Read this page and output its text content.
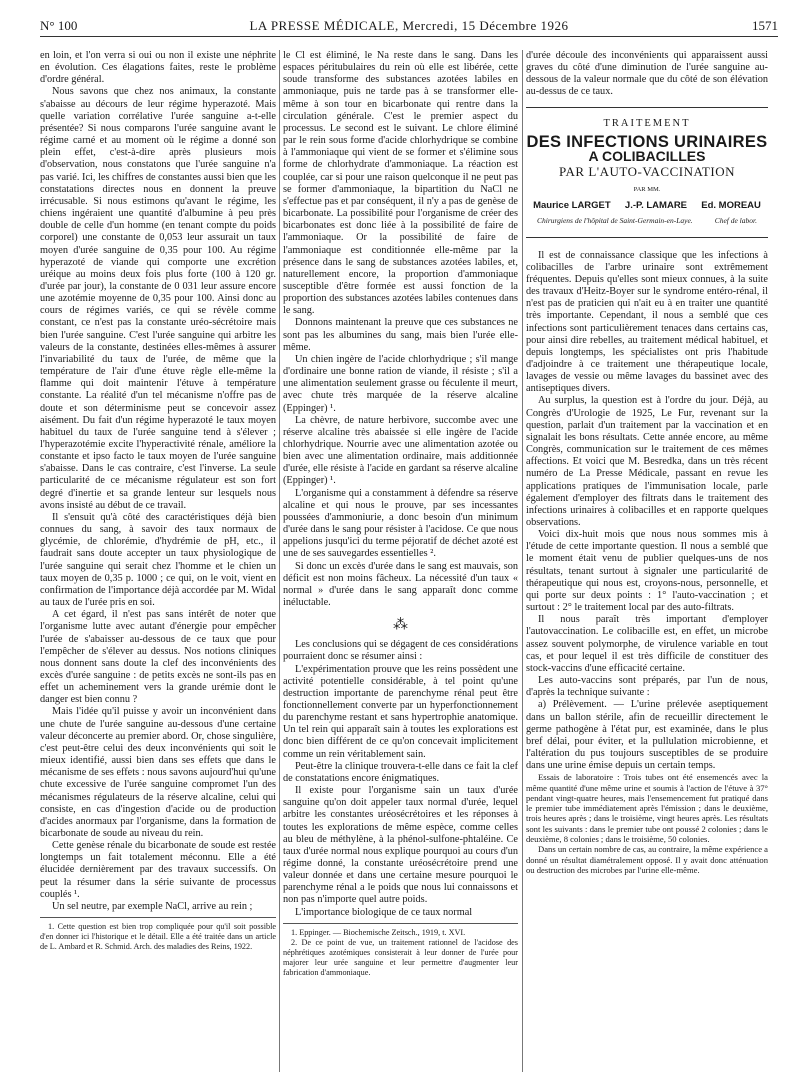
N° 100	LA PRESSE MÉDICALE, Mercredi, 15 Décembre 1926	1571

en loin, et l'on verra si oui ou non il existe une néphrite en évolution. Ces élagations faites, reste le problème d'ordre général.

Nous savons que chez nos animaux, la constante s'abaisse au décours de leur régime hyperazoté. Mais quelle variation corrélative l'urée sanguine a-t-elle présentée? Si nous comparons l'urée sanguine avant le régime carné et au moment où le régime a donné son plein effet, c'est-à-dire après plusieurs mois d'observation, nous constatons que l'urée sanguine n'a pas varié. Ici, les chiffres de constantes aussi bien que les constatations directes nous en donnent la preuve irrécusable. Si nous estimons qu'avant le régime, les chiens ingéraient une quantité d'albumine à peu près double de celle d'un homme (en tenant compte du poids corporel) une constante de 0,053 leur assurait un taux moyen d'urée sanguine de 0,35 pour 100. Au régime hyperazoté de viande qui comporte une excrétion uréique au moins deux fois plus forte (100 à 120 gr. d'urée par jour), la constante de 0 031 leur assure encore une azotémie moyenne de 0,35 pour 100. Ainsi donc au cours de régimes variés, ce qui se révèle comme constant, ce n'est pas la constante uréo-sécrétoire mais bien l'urée sanguine. C'est l'urée sanguine qui arbitre les valeurs de la constante, destinées elles-mêmes à assurer l'invariabilité du taux de l'urée, de même que la température de l'air d'une étuve règle elle-même la flamme qui doit maintenir l'étuve à température constante. La réalité d'un tel mécanisme n'offre pas de doute et son déterminisme peut se concevoir assez aisément. Du fait d'un régime hyperazoté le taux moyen habituel du taux de l'urée sanguine tend à s'élever ; l'hyperazotémie excite l'hyperactivité rénale, améliore la constante et ipso facto le taux moyen de l'urée sanguine s'abaisse. Dans le cas contraire, c'est l'inverse. La seule particularité de ce mécanisme régulateur est son fort degré d'inertie et sa grande lenteur sur lesquels nous avons insisté au début de ce travail.

Il s'ensuit qu'à côté des caractéristiques déjà bien connues du sang, à savoir des taux normaux de glycémie, de chlorémie, d'hydrémie de pH, etc., il faudrait sans doute accepter un taux physiologique de l'urée sanguine qui serait chez l'homme et le chien un taux moyen de 0,35 p. 1000 ; ce qui, on le voit, vient en confirmation de l'importance déjà accordée par M. Widal au taux de l'urée pris en soi.

A cet égard, il n'est pas sans intérêt de noter que l'organisme lutte avec autant d'énergie pour empêcher l'urée de s'abaisser au-dessous de ce taux que pour l'empêcher de s'élever au dessus. Nos notions cliniques nous donnent sans doute la clef des inconvénients des excès d'urée sanguine : de petits excès ne sont-ils pas en effet un acheminement vers la grande urémie dont le danger est bien connu ?

Mais l'idée qu'il puisse y avoir un inconvénient dans une chute de l'urée sanguine au-dessous d'une certaine valeur déconcerte au premier abord. Or, chose singulière, c'est peut-être celui des deux inconvénients qui soit le mieux identifié, aussi bien dans ses effets que dans le mécanisme de ses effets : nous savons aujourd'hui qu'une chute excessive de l'urée sanguine compromet l'un des mécanismes régulateurs de la réserve alcaline, celui qui consiste, en cas d'ingestion d'acide ou de production d'acides anormaux par l'organisme, dans la formation de bicarbonate de soude au niveau du rein.

Cette genèse rénale du bicarbonate de soude est restée longtemps un fait totalement méconnu. Elle a été élucidée dernièrement par des travaux successifs. On peut la résumer dans la série suivante de processus couplés ¹.

Un sel neutre, par exemple NaCl, arrive au rein ;

1. Cette question est bien trop compliquée pour qu'il soit possible d'en donner ici l'historique et le détail. Elle a été traitée dans un article de L. Ambard et R. Schmid. Arch. des maladies des Reins, 1922.

le Cl est éliminé, le Na reste dans le sang. Dans les espaces péritubulaires du rein où elle est libérée, cette soude transforme des substances azotées labiles en ammoniaque, puis ne tarde pas à se transformer elle-même à son tour en bicarbonate qui rentre dans la circulation générale. C'est le premier aspect du processus. Le second est le suivant. Le chlore éliminé par le rein sous forme d'acide chlorhydrique se combine à l'ammoniaque qui vient de se former et s'élimine sous forme de chlorhydrate d'ammoniaque. La réaction est couplée, car si pour une raison quelconque il ne peut pas se former d'ammoniaque, la bipartition du NaCl ne s'effectue pas et par conséquent, il n'y a pas de genèse de bicarbonate. La possibilité pour l'organisme de créer des bicarbonates est donc liée à la possibilité de faire de l'ammoniaque. Or la possibilité de faire de l'ammoniaque est conditionnée elle-même par la présence dans le sang de substances azotées labiles, et, naturellement encore, la proportion d'ammoniaque susceptible d'être formée est aussi fonction de la proportion des substances azotées labiles contenues dans le sang.

Donnons maintenant la preuve que ces substances ne sont pas les albumines du sang, mais bien l'urée elle-même.

Un chien ingère de l'acide chlorhydrique ; s'il mange d'ordinaire une bonne ration de viande, il résiste ; s'il a une alimentation seulement grasse ou féculente il meurt, avec chute très marquée de la réserve alcaline (Eppinger) ¹.

La chèvre, de nature herbivore, succombe avec une réserve alcaline très abaissée si elle ingère de l'acide chlorhydrique. Nourrie avec une alimentation azotée ou bien avec une alimentation ordinaire, mais additionnée d'urée, elle résiste à l'acide en gardant sa réserve alcaline (Eppinger) ¹.

L'organisme qui a constamment à défendre sa réserve alcaline et qui nous le prouve, par ses incessantes poussées d'ammoniurie, a donc besoin d'un minimum d'urée dans le sang pour résister à l'acidose. Ce que nous appelions jusqu'ici du terme péjoratif de déchet azoté est une de ses sauvegardes essentielles ².

Si donc un excès d'urée dans le sang est mauvais, son déficit est non moins fâcheux. La nécessité d'un taux « normal » d'urée dans le sang apparaît donc comme inéluctable.

⁂

Les conclusions qui se dégagent de ces considérations pourraient donc se résumer ainsi :

L'expérimentation prouve que les reins possèdent une activité potentielle considérable, à tel point qu'une destruction importante de parenchyme rénal peut être fonctionnellement converte par un hyperfonctionnement du parenchyme restant et sans hypertrophie anatomique. Un tel rein qui apparaît sain à toutes les explorations est donc bien différent de ce qu'on concevait implicitement comme un rein véritablement sain.

Peut-être la clinique trouvera-t-elle dans ce fait la clef de constatations encore énigmatiques.

Il existe pour l'organisme sain un taux d'urée sanguine qu'on doit appeler taux normal d'urée, lequel arbitre les constantes uréosécrétoires et les réponses à toutes les explorations de même espèce, comme celles au bleu de méthylène, à la phénol-sulfone-phtaléine. Ce taux d'urée normal nous explique pourquoi au cours d'un régime donné, la constante uréosécrétoire prend une valeur donnée et dans une certaine mesure pourquoi le parenchyme rénal a le poids que nous lui connaissons et non pas n'importe quel autre poids.

L'importance biologique de ce taux normal

1. Eppinger. — Biochemische Zeitsch., 1919, t. XVI.

2. De ce point de vue, un traitement rationnel de l'acidose des néphrétiques azotémiques consisterait à leur donner de l'urée pour majorer leur urée sanguine et leur permettre d'augmenter leur fabrication d'ammoniaque.

d'urée découle des inconvénients qui apparaissent aussi graves du côté d'une diminution de l'urée sanguine au-dessous de la valeur normale que du côté de son élévation au-dessus de ce taux.

TRAITEMENT
DES INFECTIONS URINAIRES
A COLIBACILLES
PAR L'AUTO-VACCINATION
PAR MM.
Maurice LARGET J.-P. LAMARE Ed. MOREAU
Chirurgiens de l'hôpital de Saint-Germain-en-Laye.	Chef de labor.

Il est de connaissance classique que les infections à colibacilles de l'arbre urinaire sont extrêmement fréquentes. Depuis qu'elles sont mieux connues, à la suite des travaux d'Heitz-Boyer sur le syndrome entéro-rénal, il n'est pas de praticien qui n'ait eu à en traiter une quantité très importante. Cependant, il nous a semblé que ces infections sont particulièrement tenaces dans certains cas, pour ainsi dire rebelles, au traitement médical habituel, et depuis longtemps, les spécialistes ont pris l'habitude d'adjoindre à ce traitement une thérapeutique locale, lavages de vessie ou même lavages du bassinet avec des antiseptiques divers.

Au surplus, la question est à l'ordre du jour. Déjà, au Congrès d'Urologie de 1925, Le Fur, revenant sur la question, parlait d'un traitement par la vaccination et en signalait les bons résultats. Cette année encore, au même Congrès, communication sur le traitement de ces mêmes affections. Et voici que M. Besredka, dans un très récent numéro de La Presse Médicale, passant en revue les applications pratiques de l'immunisation locale, parle également d'employer des filtrats dans le traitement des infections urinaires à colibacilles et en rapporte quelques observations.

Voici dix-huit mois que nous nous sommes mis à l'étude de cette importante question. Il nous a semblé que le moment était venu de publier quelques-uns de nos résultats, tenant surtout à signaler une particularité de thérapeutique qui nous est, croyons-nous, personnelle, et qui porte sur deux points : 1° l'auto-vaccination ; et surtout : 2° le traitement local par des auto-filtrats.

Il nous paraît très important d'employer l'autovaccination. Le colibacille est, en effet, un microbe assez souvent polymorphe, de virulence variable en tout cas, et pour lequel il est très difficile de constituer des stock-vaccins d'une efficacité certaine.

Les auto-vaccins sont préparés, par l'un de nous, d'après la technique suivante :

a) Prélèvement. — L'urine prélevée aseptiquement dans un ballon stérile, afin de recueillir directement le germe pathogène à l'état pur, est examinée, dans le plus bref délai, pour éviter, et la pullulation microbienne, et l'altération du pus toujours susceptibles de se produire dans une urine émise depuis un certain temps.

Essais de laboratoire : Trois tubes ont été ensemencés avec la même quantité d'une même urine et soumis à l'action de l'étuve à 37° pendant vingt-quatre heures, mais l'ensemencement fut pratiqué dans le premier tube immédiatement après l'émission ; dans le deuxième, trois heures après ; dans le troisième, vingt heures après. Les résultats sont les suivants : dans le premier tube ont poussé 2 colonies ; dans le deuxième, 8 colonies ; dans le troisième, 50 colonies.

Dans un certain nombre de cas, au contraire, la même expérience a donné un résultat diamétralement opposé. Il y avait donc atténuation ou destruction des microbes par l'urine elle-même.
